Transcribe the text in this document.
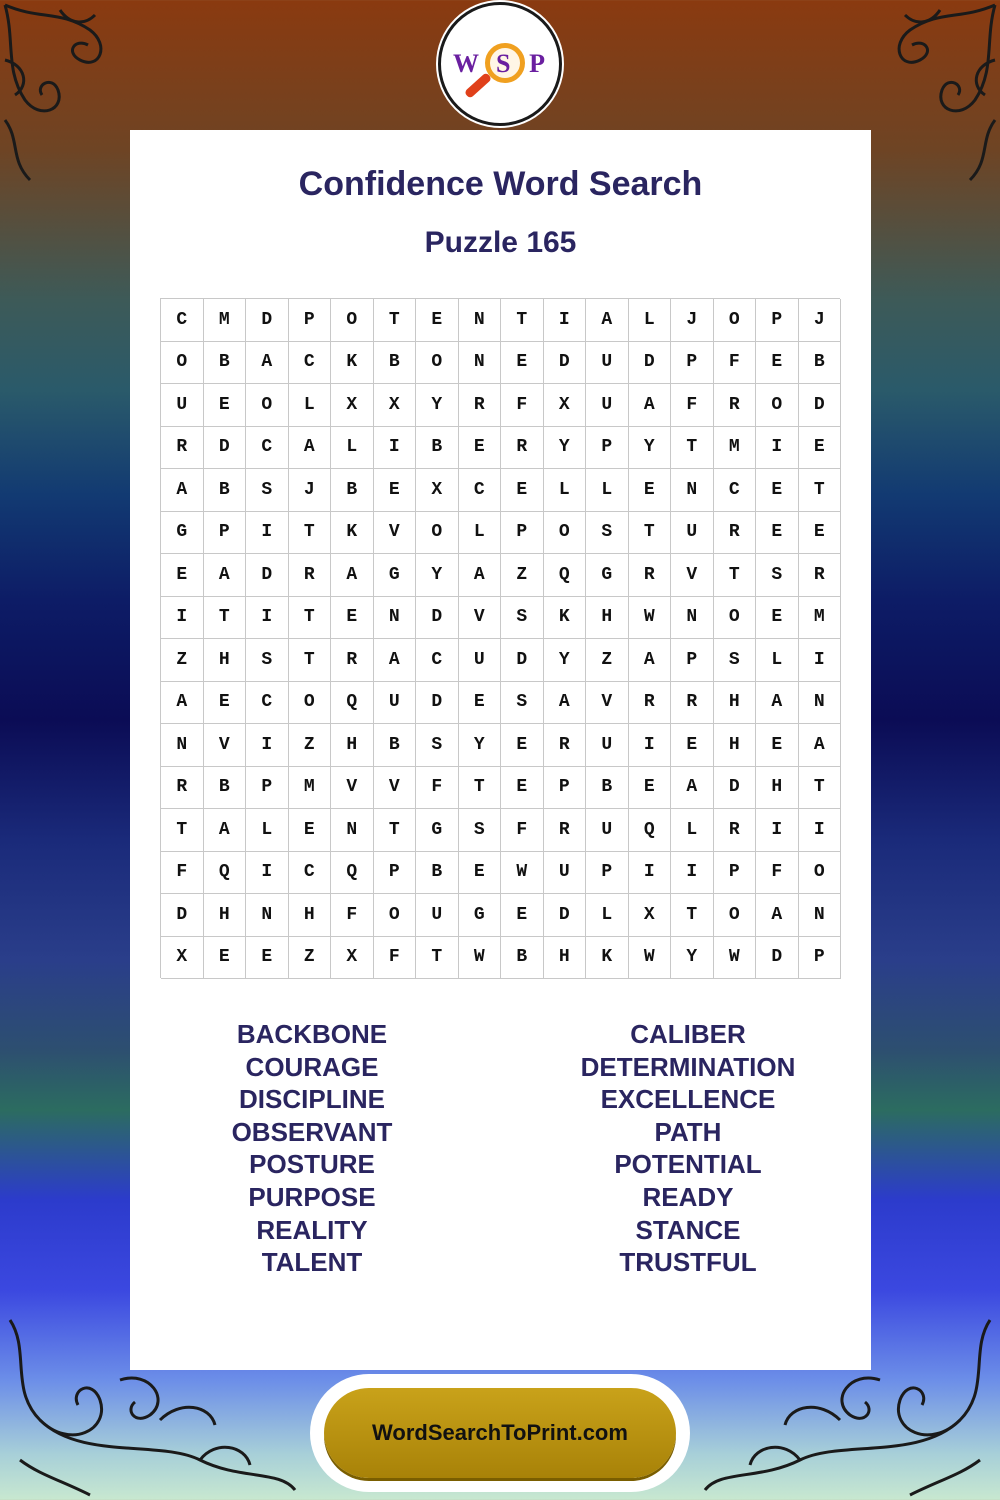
W S P
Confidence Word Search
Puzzle 165
C	M	D	P	O	T	E	N	T	I	A	L	J	O	P	J
O	B	A	C	K	B	O	N	E	D	U	D	P	F	E	B
U	E	O	L	X	X	Y	R	F	X	U	A	F	R	O	D
R	D	C	A	L	I	B	E	R	Y	P	Y	T	M	I	E
A	B	S	J	B	E	X	C	E	L	L	E	N	C	E	T
G	P	I	T	K	V	O	L	P	O	S	T	U	R	E	E
E	A	D	R	A	G	Y	A	Z	Q	G	R	V	T	S	R
I	T	I	T	E	N	D	V	S	K	H	W	N	O	E	M
Z	H	S	T	R	A	C	U	D	Y	Z	A	P	S	L	I
A	E	C	O	Q	U	D	E	S	A	V	R	R	H	A	N
N	V	I	Z	H	B	S	Y	E	R	U	I	E	H	E	A
R	B	P	M	V	V	F	T	E	P	B	E	A	D	H	T
T	A	L	E	N	T	G	S	F	R	U	Q	L	R	I	I
F	Q	I	C	Q	P	B	E	W	U	P	I	I	P	F	O
D	H	N	H	F	O	U	G	E	D	L	X	T	O	A	N
X	E	E	Z	X	F	T	W	B	H	K	W	Y	W	D	P
BACKBONE
COURAGE
DISCIPLINE
OBSERVANT
POSTURE
PURPOSE
REALITY
TALENT
CALIBER
DETERMINATION
EXCELLENCE
PATH
POTENTIAL
READY
STANCE
TRUSTFUL
WordSearchToPrint.com
